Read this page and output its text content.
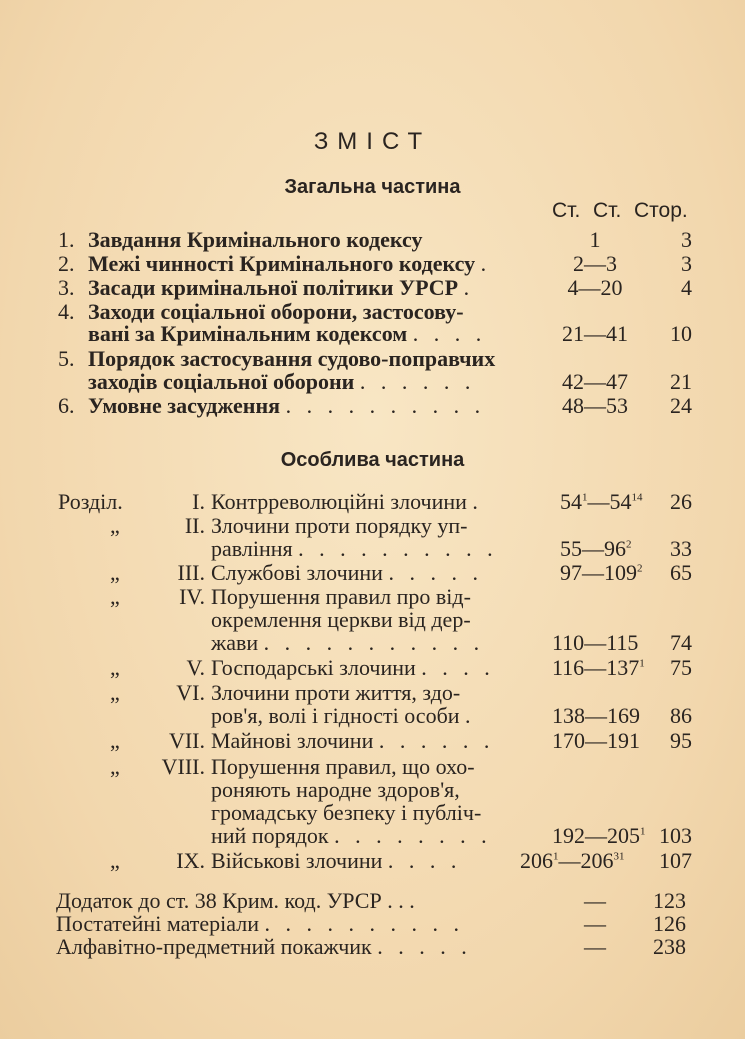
ЗМІСТ
Загальна частина
Ст. Ст. Стор.
1. Завдання Кримінального кодексу	1	3
2. Межі чинності Кримінального кодексу .	2—3	3
3. Засади кримінальної політики УРСР .	4—20	4
4. Заходи соціальної оборони, застосову-
вані за Кримінальним кодексом . . . .	21—41	10
5. Порядок застосування судово-поправчих
заходів соціальної оборони . . . . . .	42—47	21
6. Умовне засудження . . . . . . . . . .	48—53	24
Особлива частина
Розділ.	I. Контрреволюційні злочини .	$54^1—54^{14}$	26
„	II. Злочини проти порядку уп-
равління . . . . . . . . . .	$55—96^2$	33
„	III. Службові злочини . . . . .	$97—109^2$	65
„	IV. Порушення правил про від-
окремлення церкви від дер-
жави . . . . . . . . . . .	110—115	74
„	V. Господарські злочини . . . .	$116—137^1$	75
„	VI. Злочини проти життя, здо-
ров'я, волі і гідності особи .	138—169	86
„	VII. Майнові злочини . . . . . .	170—191	95
„	VIII. Порушення правил, що охо-
роняють народне здоров'я,
громадську безпеку і публіч-
ний порядок . . . . . . . .	$192—205^1$ 103
„	IX. Військові злочини . . . .	$206^1—206^{31}$	107
Додаток до ст. 38 Крим. код. УРСР . . .	—	123
Постатейні матеріали . . . . . . . . . .	—	126
Алфавітно-предметний покажчик . . . . .	—	238
